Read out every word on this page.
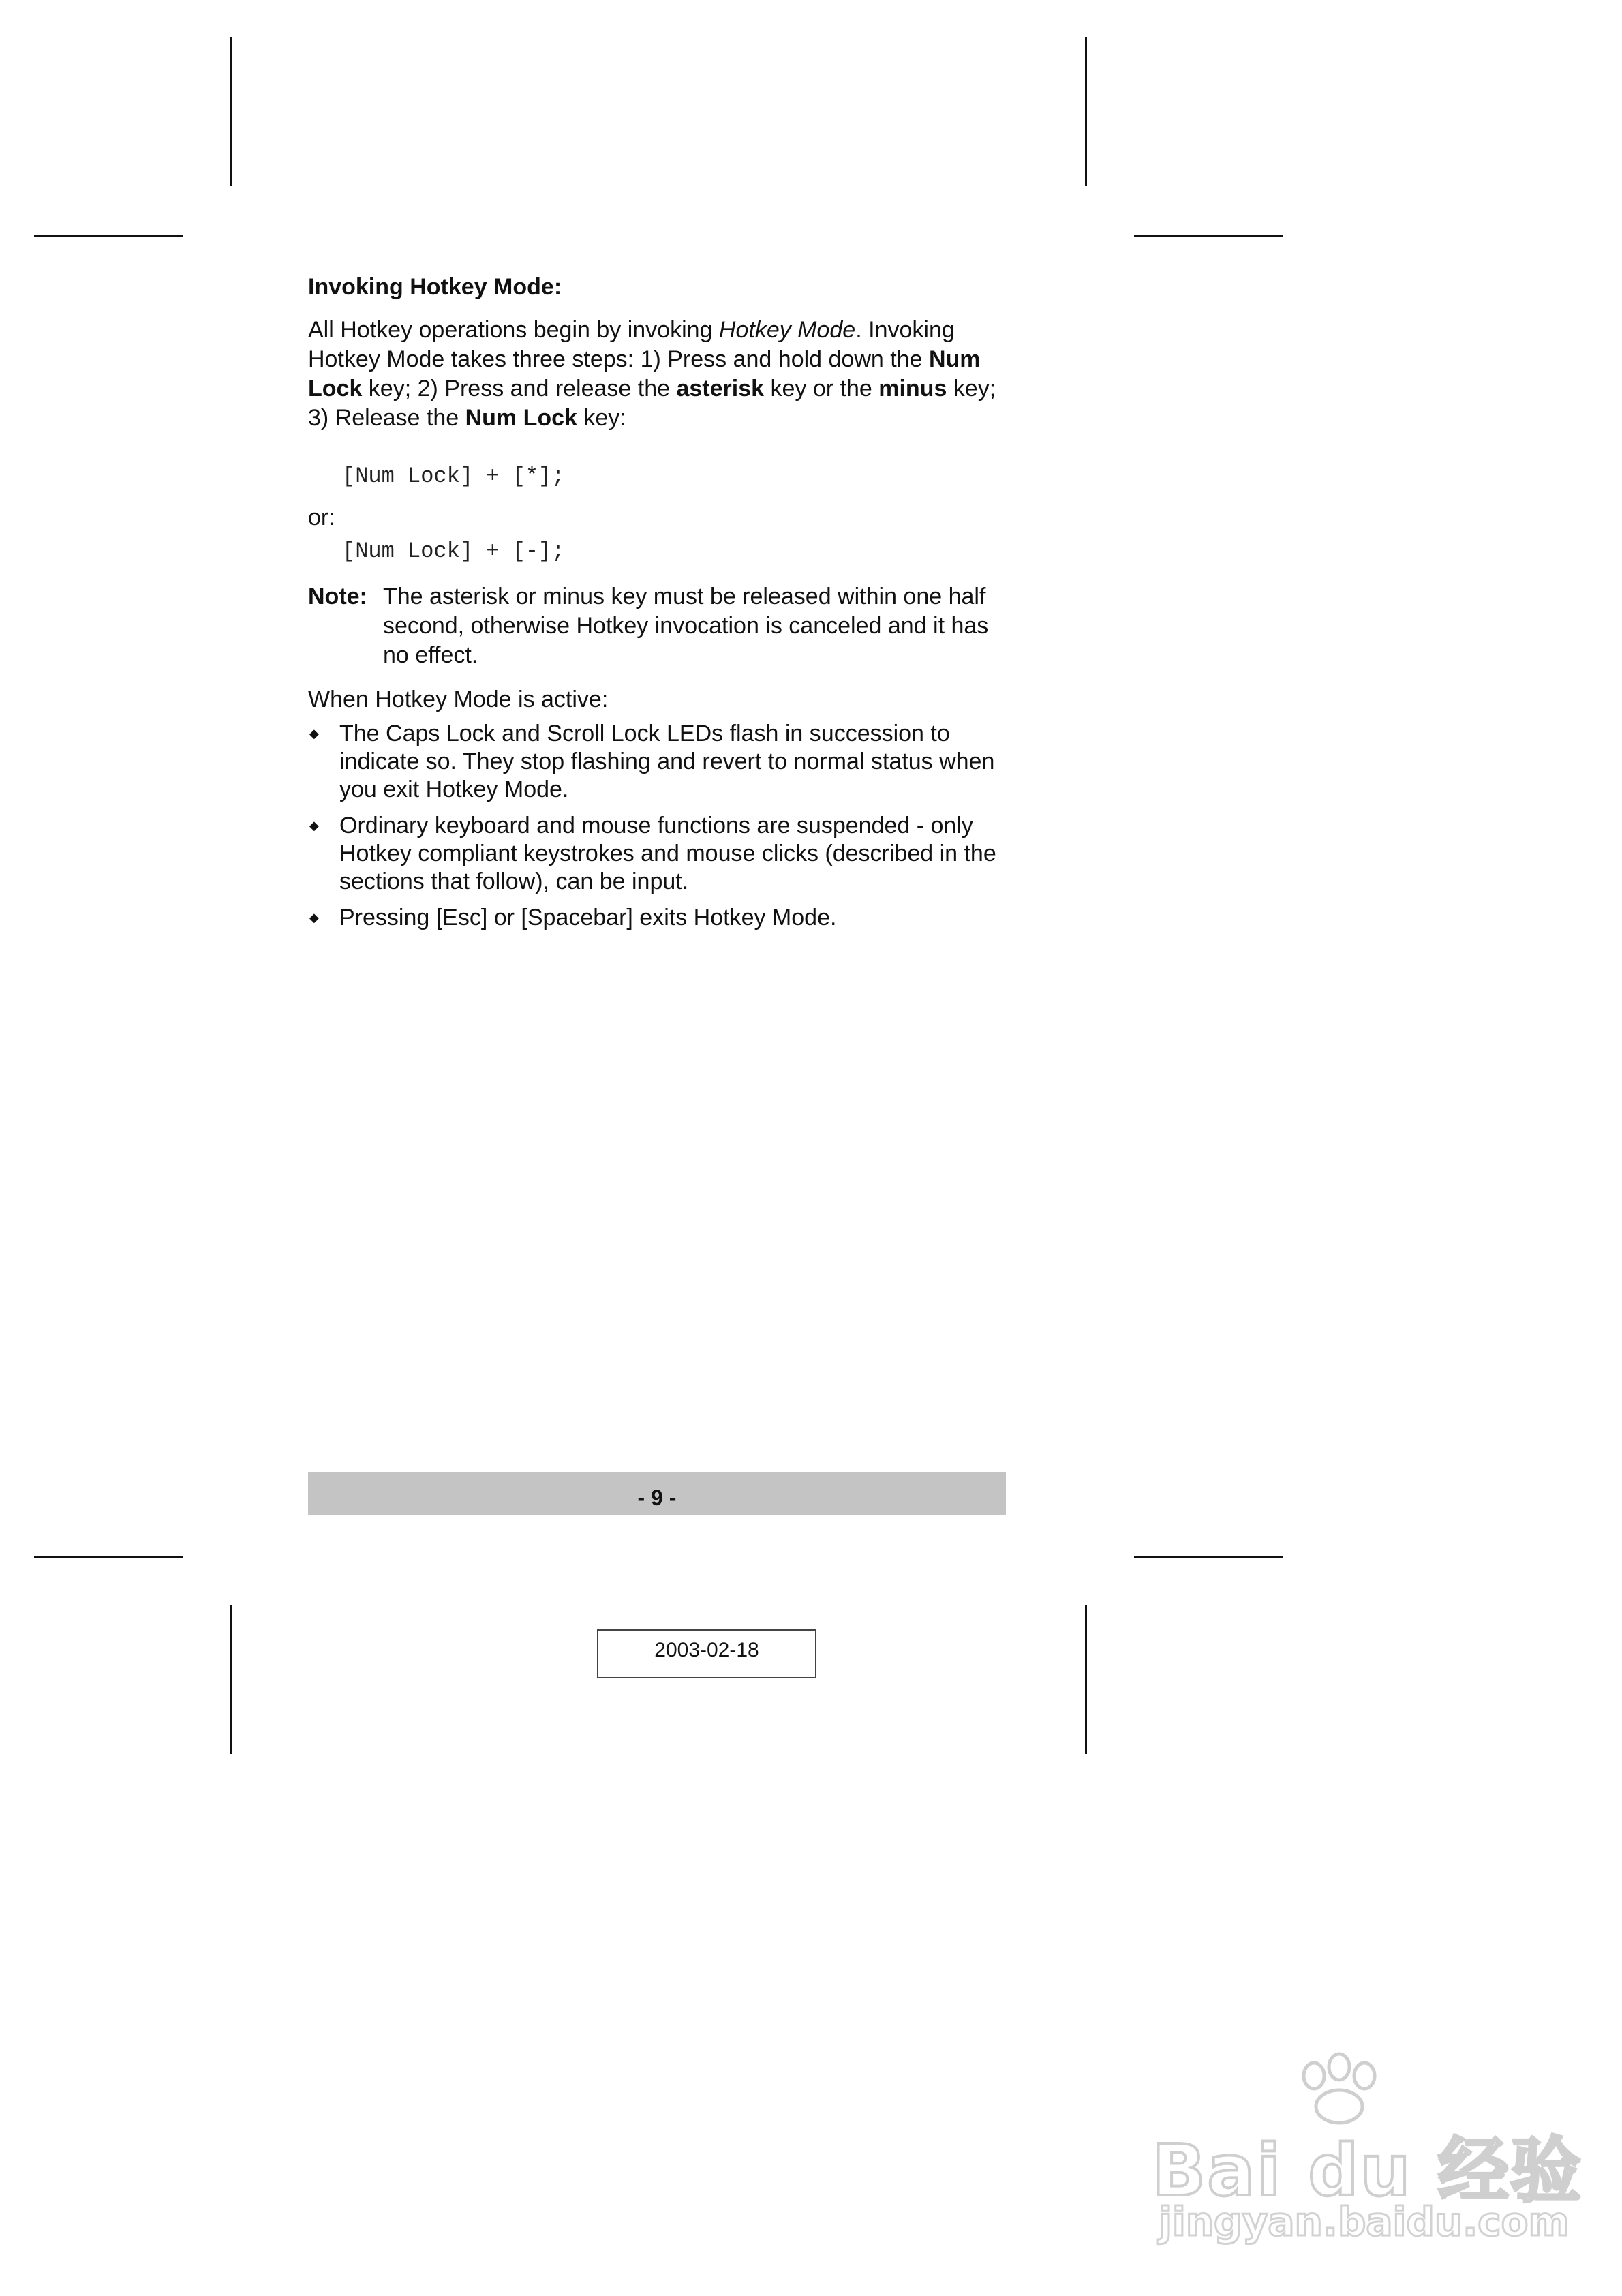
Invoking Hotkey Mode:

All Hotkey operations begin by invoking Hotkey Mode. Invoking Hotkey Mode takes three steps: 1) Press and hold down the Num Lock key; 2) Press and release the asterisk key or the minus key; 3) Release the Num Lock key:

[Num Lock] + [*];
or:
[Num Lock] + [-];
Note: The asterisk or minus key must be released within one half second, otherwise Hotkey invocation is canceled and it has no effect.

When Hotkey Mode is active:

◆ The Caps Lock and Scroll Lock LEDs flash in succession to indicate so. They stop flashing and revert to normal status when you exit Hotkey Mode.
◆ Ordinary keyboard and mouse functions are suspended - only Hotkey compliant keystrokes and mouse clicks (described in the sections that follow), can be input.
◆ Pressing [Esc] or [Spacebar] exits Hotkey Mode.
- 9 -
2003-02-18
Bai du 经验
jingyan.baidu.com
